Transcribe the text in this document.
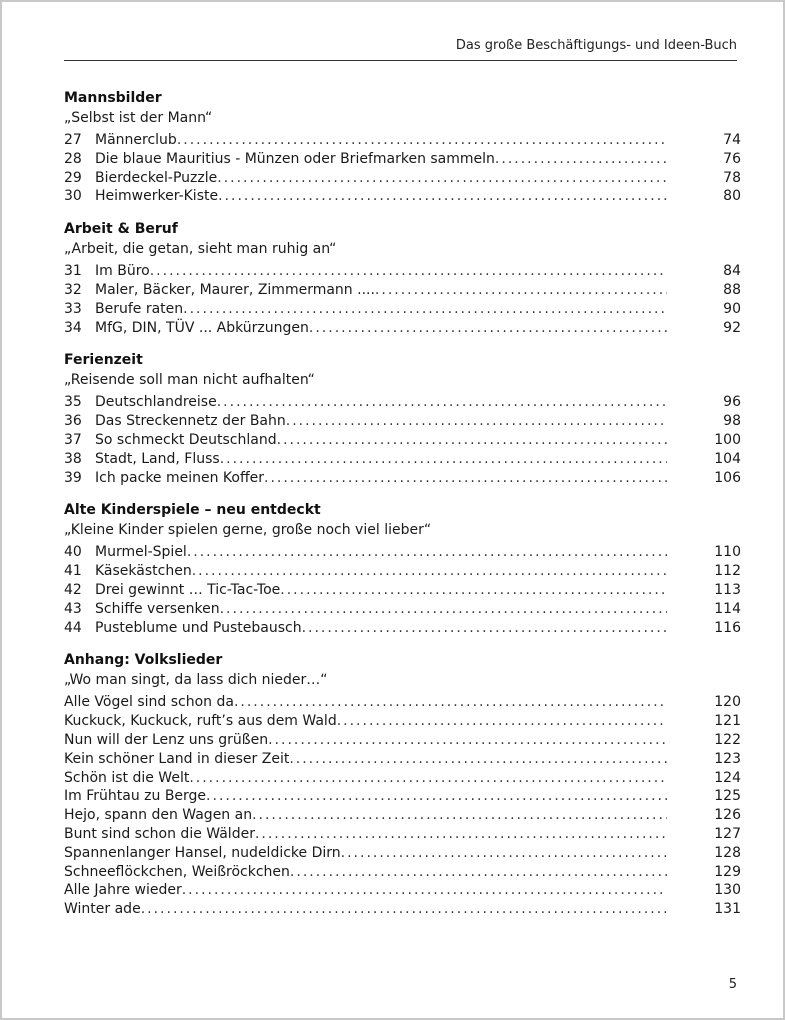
Das große Beschäftigungs- und Ideen-Buch
Mannsbilder
„Selbst ist der Mann“
27 Männerclub .....	74
28 Die blaue Mauritius - Münzen oder Briefmarken sammeln .....	76
29 Bierdeckel-Puzzle .....	78
30 Heimwerker-Kiste .....	80
Arbeit & Beruf
„Arbeit, die getan, sieht man ruhig an“
31 Im Büro .....	84
32 Maler, Bäcker, Maurer, Zimmermann .... .....	88
33 Berufe raten .....	90
34 MfG, DIN, TÜV ... Abkürzungen .....	92
Ferienzeit
„Reisende soll man nicht aufhalten“
35 Deutschlandreise .....	96
36 Das Streckennetz der Bahn .....	98
37 So schmeckt Deutschland .....	100
38 Stadt, Land, Fluss .....	104
39 Ich packe meinen Koffer .....	106
Alte Kinderspiele – neu entdeckt
„Kleine Kinder spielen gerne, große noch viel lieber“
40 Murmel-Spiel .....	110
41 Käsekästchen .....	112
42 Drei gewinnt … Tic-Tac-Toe .....	113
43 Schiffe versenken .....	114
44 Pusteblume und Pustebausch .....	116
Anhang: Volkslieder
„Wo man singt, da lass dich nieder…“
Alle Vögel sind schon da .....	120
Kuckuck, Kuckuck, ruft’s aus dem Wald .....	121
Nun will der Lenz uns grüßen .....	122
Kein schöner Land in dieser Zeit .....	123
Schön ist die Welt .....	124
Im Frühtau zu Berge .....	125
Hejo, spann den Wagen an .....	126
Bunt sind schon die Wälder .....	127
Spannenlanger Hansel, nudeldicke Dirn .....	128
Schneeflöckchen, Weißröckchen .....	129
Alle Jahre wieder .....	130
Winter ade .....	131
5
